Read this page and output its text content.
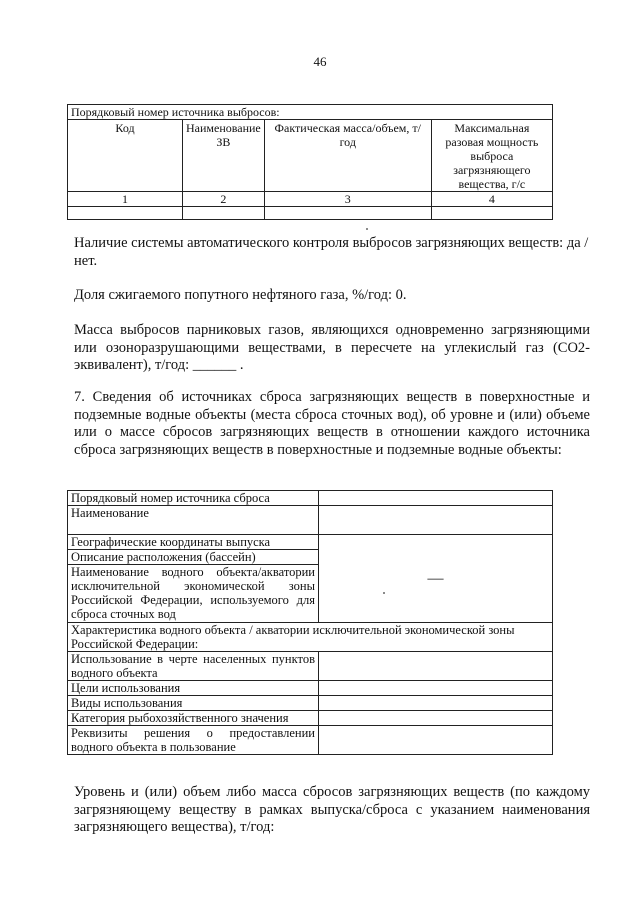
46
Порядковый номер источника выбросов:			
Код	Наименование ЗВ	Фактическая масса/объем, т/год	Максимальная разовая мощность выброса загрязняющего вещества, г/с
1	2	3	4

Наличие системы автоматического контроля выбросов загрязняющих веществ: да /нет.

Доля сжигаемого попутного нефтяного газа, %/год: 0.

Масса выбросов парниковых газов, являющихся одновременно загрязняющими или озоноразрушающими веществами, в пересчете на углекислый газ (СО2-эквивалент), т/год: ______ .

7. Сведения об источниках сброса загрязняющих веществ в поверхностные и подземные водные объекты (места сброса сточных вод), об уровне и (или) объеме или о массе сбросов загрязняющих веществ в отношении каждого источника сброса загрязняющих веществ в поверхностные и подземные водные объекты:

Порядковый номер источника сброса	
Наименование	
Географические координаты выпуска	—
Описание расположения (бассейн)	
Наименование водного объекта/акватории исключительной экономической зоны Российской Федерации, используемого для сброса сточных вод	
Характеристика водного объекта / акватории исключительной экономической зоны Российской Федерации:	
Использование в черте населенных пунктов водного объекта	
Цели использования	
Виды использования	
Категория рыбохозяйственного значения	
Реквизиты решения о предоставлении водного объекта в пользование	

Уровень и (или) объем либо масса сбросов загрязняющих веществ (по каждому загрязняющему веществу в рамках выпуска/сброса с указанием наименования загрязняющего вещества), т/год:
